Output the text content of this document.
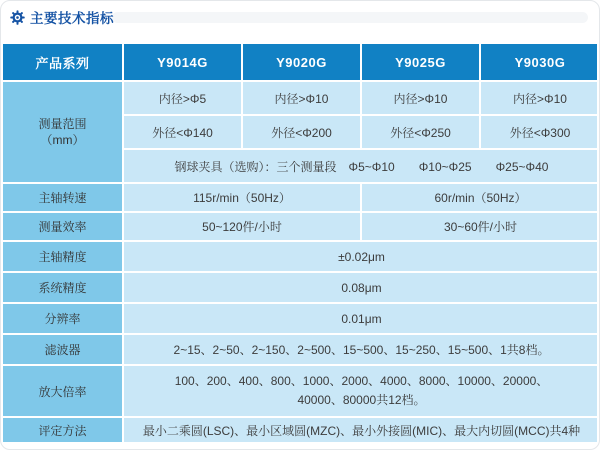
主要技术指标
产品系列	Y9014G	Y9020G	Y9025G	Y9030G

测量范围
（mm）	内径>Φ5	内径>Φ10	内径>Φ10	内径>Φ10
	外径<Φ140	外径<Φ200	外径<Φ250	外径<Φ300
	钢球夹具（选购）：三个测量段　Φ5~Φ10　　Φ10~Φ25　　Φ25~Φ40			
主轴转速	115r/min（50Hz）		60r/min（50Hz）	
测量效率	50~120件/小时		30~60件/小时	
主轴精度	±0.02μm			
系统精度	0.08μm			
分辨率	0.01μm			
滤波器	2~15、2~50、2~150、2~500、15~500、15~250、15~500、1共8档。			
放大倍率	100、200、400、800、1000、2000、4000、8000、10000、20000、
40000、80000共12档。			

评定方法	最小二乘圆(LSC)、最小区域圆(MZC)、最小外接圆(MIC)、最大内切圆(MCC)共4种			
